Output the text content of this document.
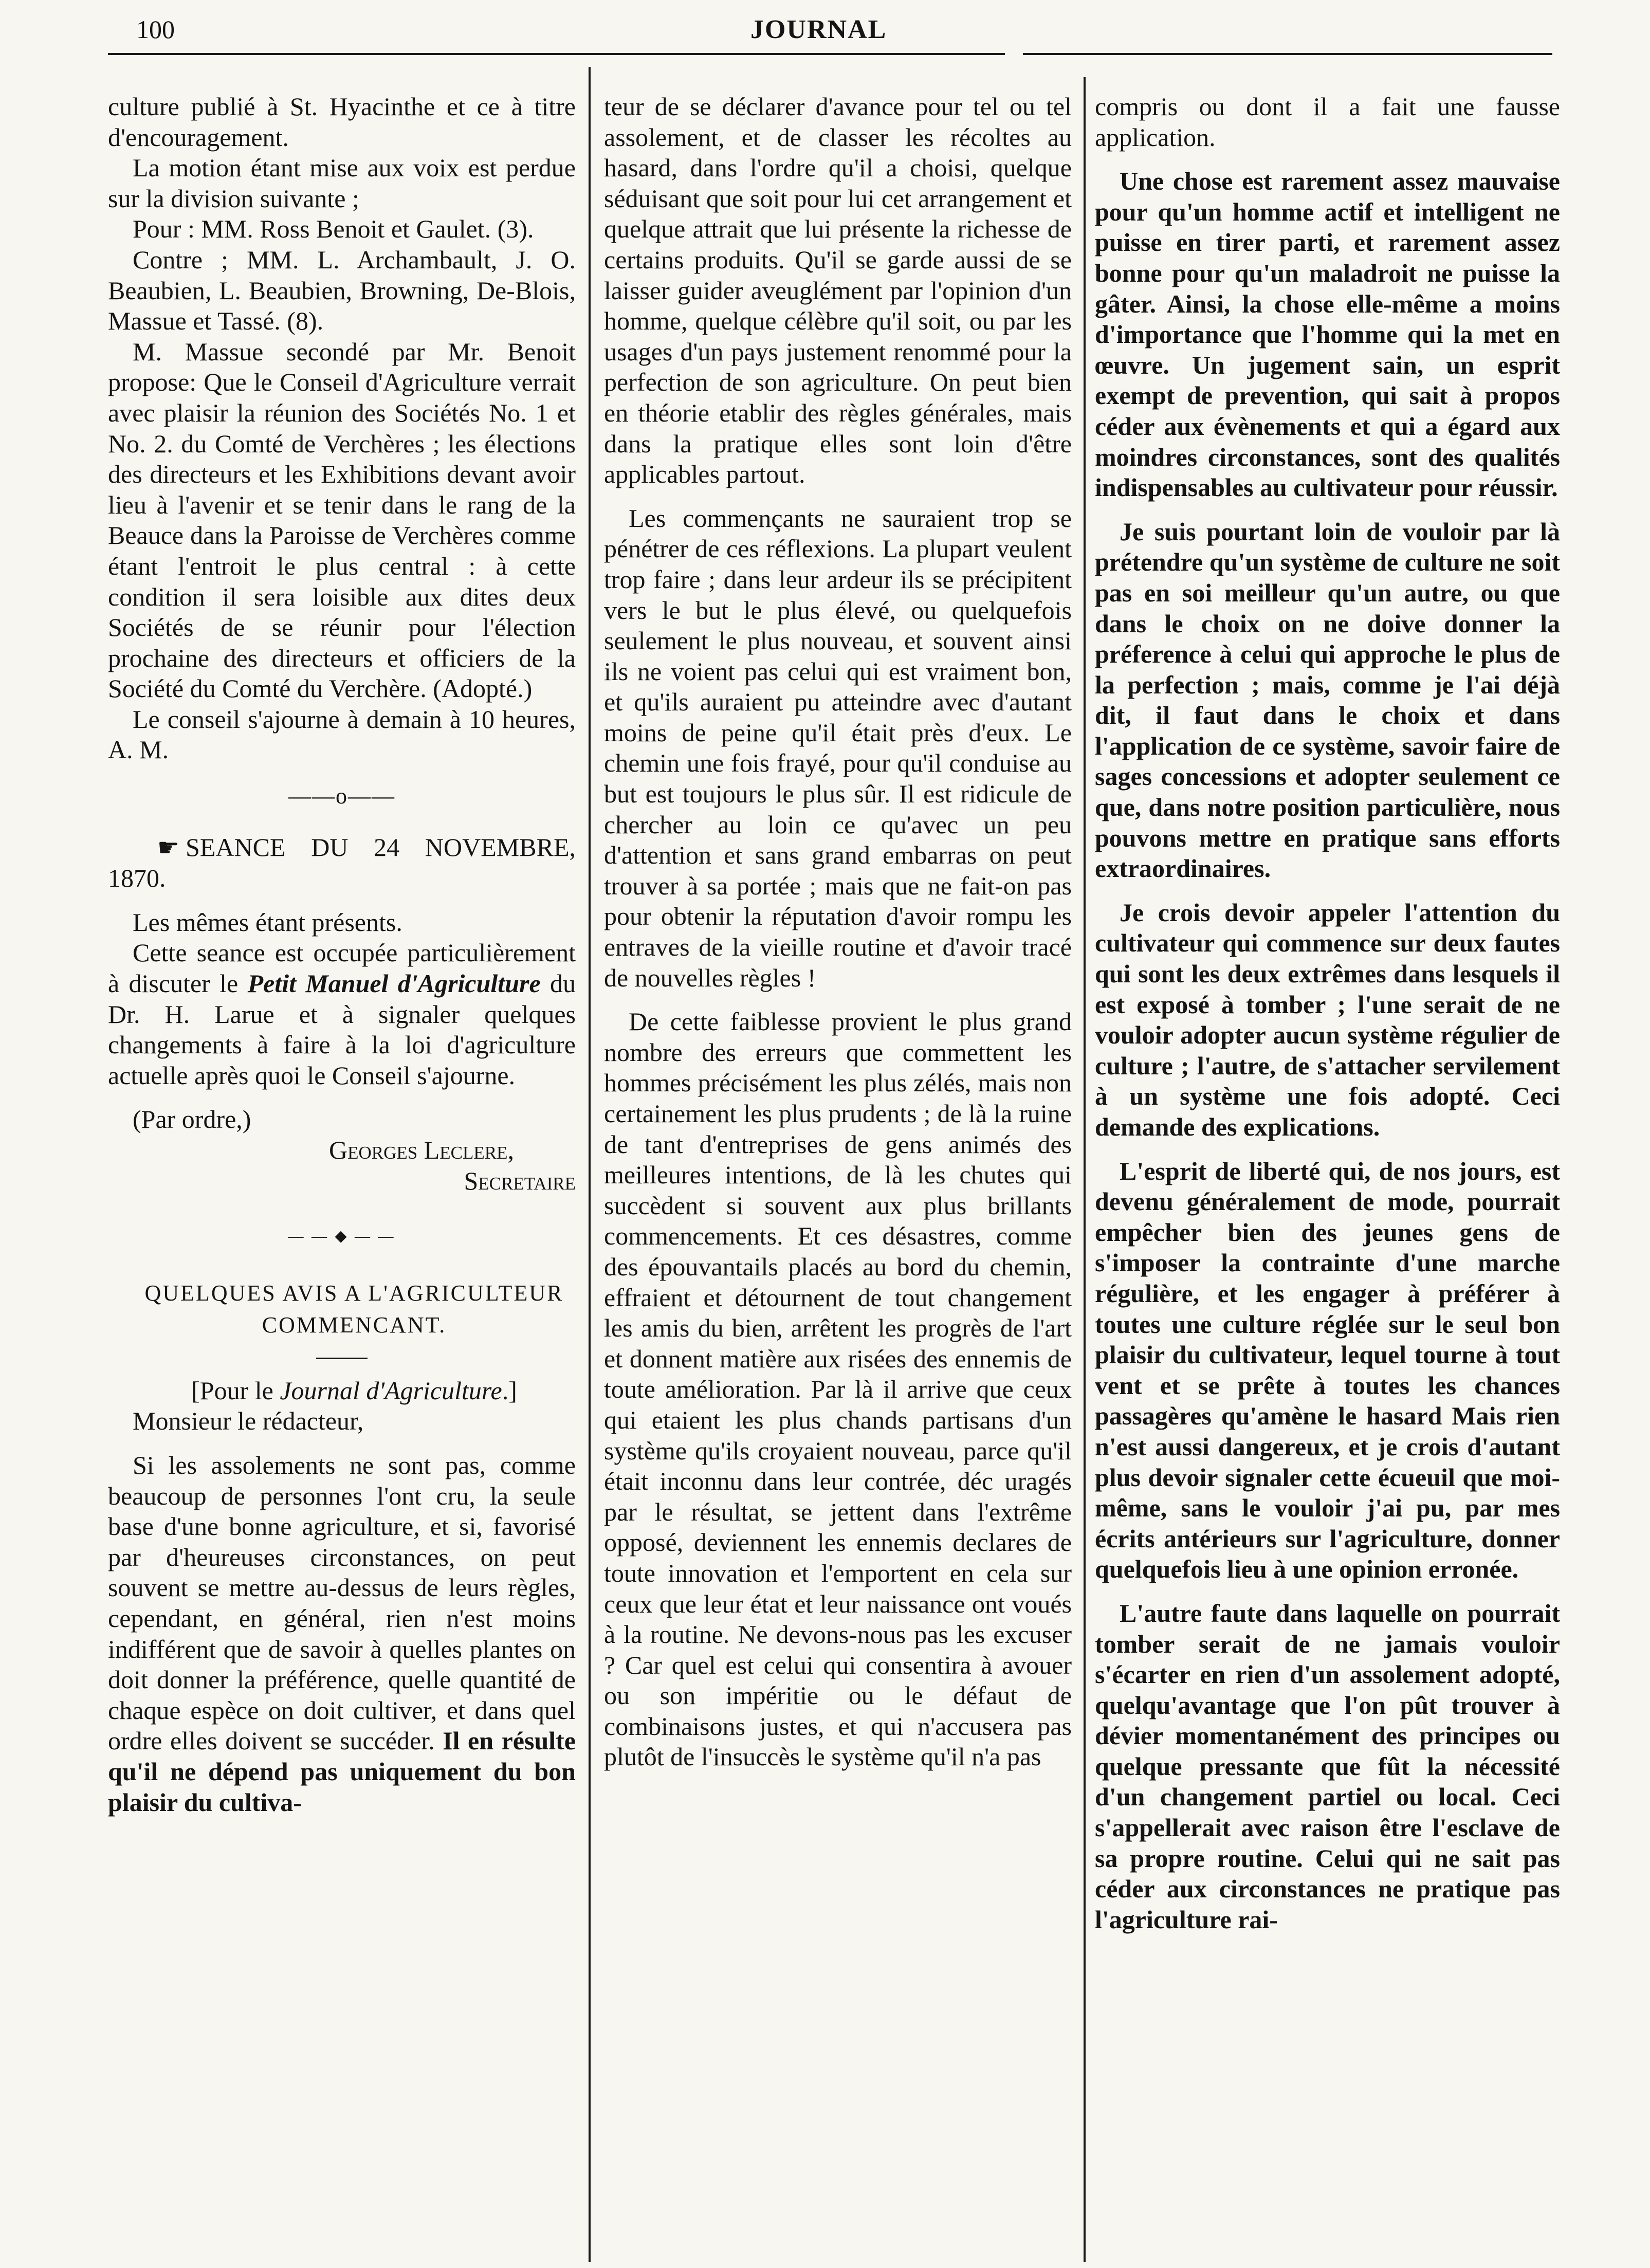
100	JOURNAL

culture publié à St. Hyacinthe et ce à titre d'encouragement.

La motion étant mise aux voix est perdue sur la division suivante ;

Pour : MM. Ross Benoit et Gaulet. (3).

Contre ; MM. L. Archambault, J. O. Beaubien, L. Beaubien, Browning, De-Blois, Massue et Tassé. (8).

M. Massue secondé par Mr. Benoit propose: Que le Conseil d'Agriculture verrait avec plaisir la réunion des Sociétés No. 1 et No. 2. du Comté de Verchères ; les élections des directeurs et les Exhibitions devant avoir lieu à l'avenir et se tenir dans le rang de la Beauce dans la Paroisse de Verchères comme étant l'entroit le plus central : à cette condition il sera loisible aux dites deux Sociétés de se réunir pour l'élection prochaine des directeurs et officiers de la Société du Comté du Verchère. (Adopté.)

Le conseil s'ajourne à demain à 10 heures, A. M.

——o——

☛ SEANCE DU 24 NOVEMBRE, 1870.

Les mêmes étant présents.

Cette seance est occupée particulièrement à discuter le Petit Manuel d'Agriculture du Dr. H. Larue et à signaler quelques changements à faire à la loi d'agriculture actuelle après quoi le Conseil s'ajourne.

(Par ordre,)

Georges Leclere,
Secretaire
— — ◆ — —

QUELQUES AVIS A L'AGRICULTEUR

COMMENCANT.

[Pour le Journal d'Agriculture.]

Monsieur le rédacteur,

Si les assolements ne sont pas, comme beaucoup de personnes l'ont cru, la seule base d'une bonne agriculture, et si, favorisé par d'heureuses circonstances, on peut souvent se mettre au-dessus de leurs règles, cependant, en général, rien n'est moins indifférent que de savoir à quelles plantes on doit donner la préférence, quelle quantité de chaque espèce on doit cultiver, et dans quel ordre elles doivent se succéder. Il en résulte qu'il ne dépend pas uniquement du bon plaisir du cultiva-

teur de se déclarer d'avance pour tel ou tel assolement, et de classer les récoltes au hasard, dans l'ordre qu'il a choisi, quelque séduisant que soit pour lui cet arrangement et quelque attrait que lui présente la richesse de certains produits. Qu'il se garde aussi de se laisser guider aveuglément par l'opinion d'un homme, quelque célèbre qu'il soit, ou par les usages d'un pays justement renommé pour la perfection de son agriculture. On peut bien en théorie etablir des règles générales, mais dans la pratique elles sont loin d'être applicables partout.

Les commençants ne sauraient trop se pénétrer de ces réflexions. La plupart veulent trop faire ; dans leur ardeur ils se précipitent vers le but le plus élevé, ou quelquefois seulement le plus nouveau, et souvent ainsi ils ne voient pas celui qui est vraiment bon, et qu'ils auraient pu atteindre avec d'autant moins de peine qu'il était près d'eux. Le chemin une fois frayé, pour qu'il conduise au but est toujours le plus sûr. Il est ridicule de chercher au loin ce qu'avec un peu d'attention et sans grand embarras on peut trouver à sa portée ; mais que ne fait-on pas pour obtenir la réputation d'avoir rompu les entraves de la vieille routine et d'avoir tracé de nouvelles règles !

De cette faiblesse provient le plus grand nombre des erreurs que commettent les hommes précisément les plus zélés, mais non certainement les plus prudents ; de là la ruine de tant d'entreprises de gens animés des meilleures intentions, de là les chutes qui succèdent si souvent aux plus brillants commencements. Et ces désastres, comme des épouvantails placés au bord du chemin, effraient et détournent de tout changement les amis du bien, arrêtent les progrès de l'art et donnent matière aux risées des ennemis de toute amélioration. Par là il arrive que ceux qui etaient les plus chands partisans d'un système qu'ils croyaient nouveau, parce qu'il était inconnu dans leur contrée, déc uragés par le résultat, se jettent dans l'extrême opposé, deviennent les ennemis declares de toute innovation et l'emportent en cela sur ceux que leur état et leur naissance ont voués à la routine. Ne devons-nous pas les excuser ? Car quel est celui qui consentira à avouer ou son impéritie ou le défaut de combinaisons justes, et qui n'accusera pas plutôt de l'insuccès le système qu'il n'a pas

compris ou dont il a fait une fausse application.

Une chose est rarement assez mauvaise pour qu'un homme actif et intelligent ne puisse en tirer parti, et rarement assez bonne pour qu'un maladroit ne puisse la gâter. Ainsi, la chose elle-même a moins d'importance que l'homme qui la met en œuvre. Un jugement sain, un esprit exempt de prevention, qui sait à propos céder aux évènements et qui a égard aux moindres circonstances, sont des qualités indispensables au cultivateur pour réussir.

Je suis pourtant loin de vouloir par là prétendre qu'un système de culture ne soit pas en soi meilleur qu'un autre, ou que dans le choix on ne doive donner la préference à celui qui approche le plus de la perfection ; mais, comme je l'ai déjà dit, il faut dans le choix et dans l'application de ce système, savoir faire de sages concessions et adopter seulement ce que, dans notre position particulière, nous pouvons mettre en pratique sans efforts extraordinaires.

Je crois devoir appeler l'attention du cultivateur qui commence sur deux fautes qui sont les deux extrêmes dans lesquels il est exposé à tomber ; l'une serait de ne vouloir adopter aucun système régulier de culture ; l'autre, de s'attacher servilement à un système une fois adopté. Ceci demande des explications.

L'esprit de liberté qui, de nos jours, est devenu généralement de mode, pourrait empêcher bien des jeunes gens de s'imposer la contrainte d'une marche régulière, et les engager à préférer à toutes une culture réglée sur le seul bon plaisir du cultivateur, lequel tourne à tout vent et se prête à toutes les chances passagères qu'amène le hasard Mais rien n'est aussi dangereux, et je crois d'autant plus devoir signaler cette écueuil que moi-même, sans le vouloir j'ai pu, par mes écrits antérieurs sur l'agriculture, donner quelquefois lieu à une opinion erronée.

L'autre faute dans laquelle on pourrait tomber serait de ne jamais vouloir s'écarter en rien d'un assolement adopté, quelqu'avantage que l'on pût trouver à dévier momentanément des principes ou quelque pressante que fût la nécessité d'un changement partiel ou local. Ceci s'appellerait avec raison être l'esclave de sa propre routine. Celui qui ne sait pas céder aux circonstances ne pratique pas l'agriculture rai-
